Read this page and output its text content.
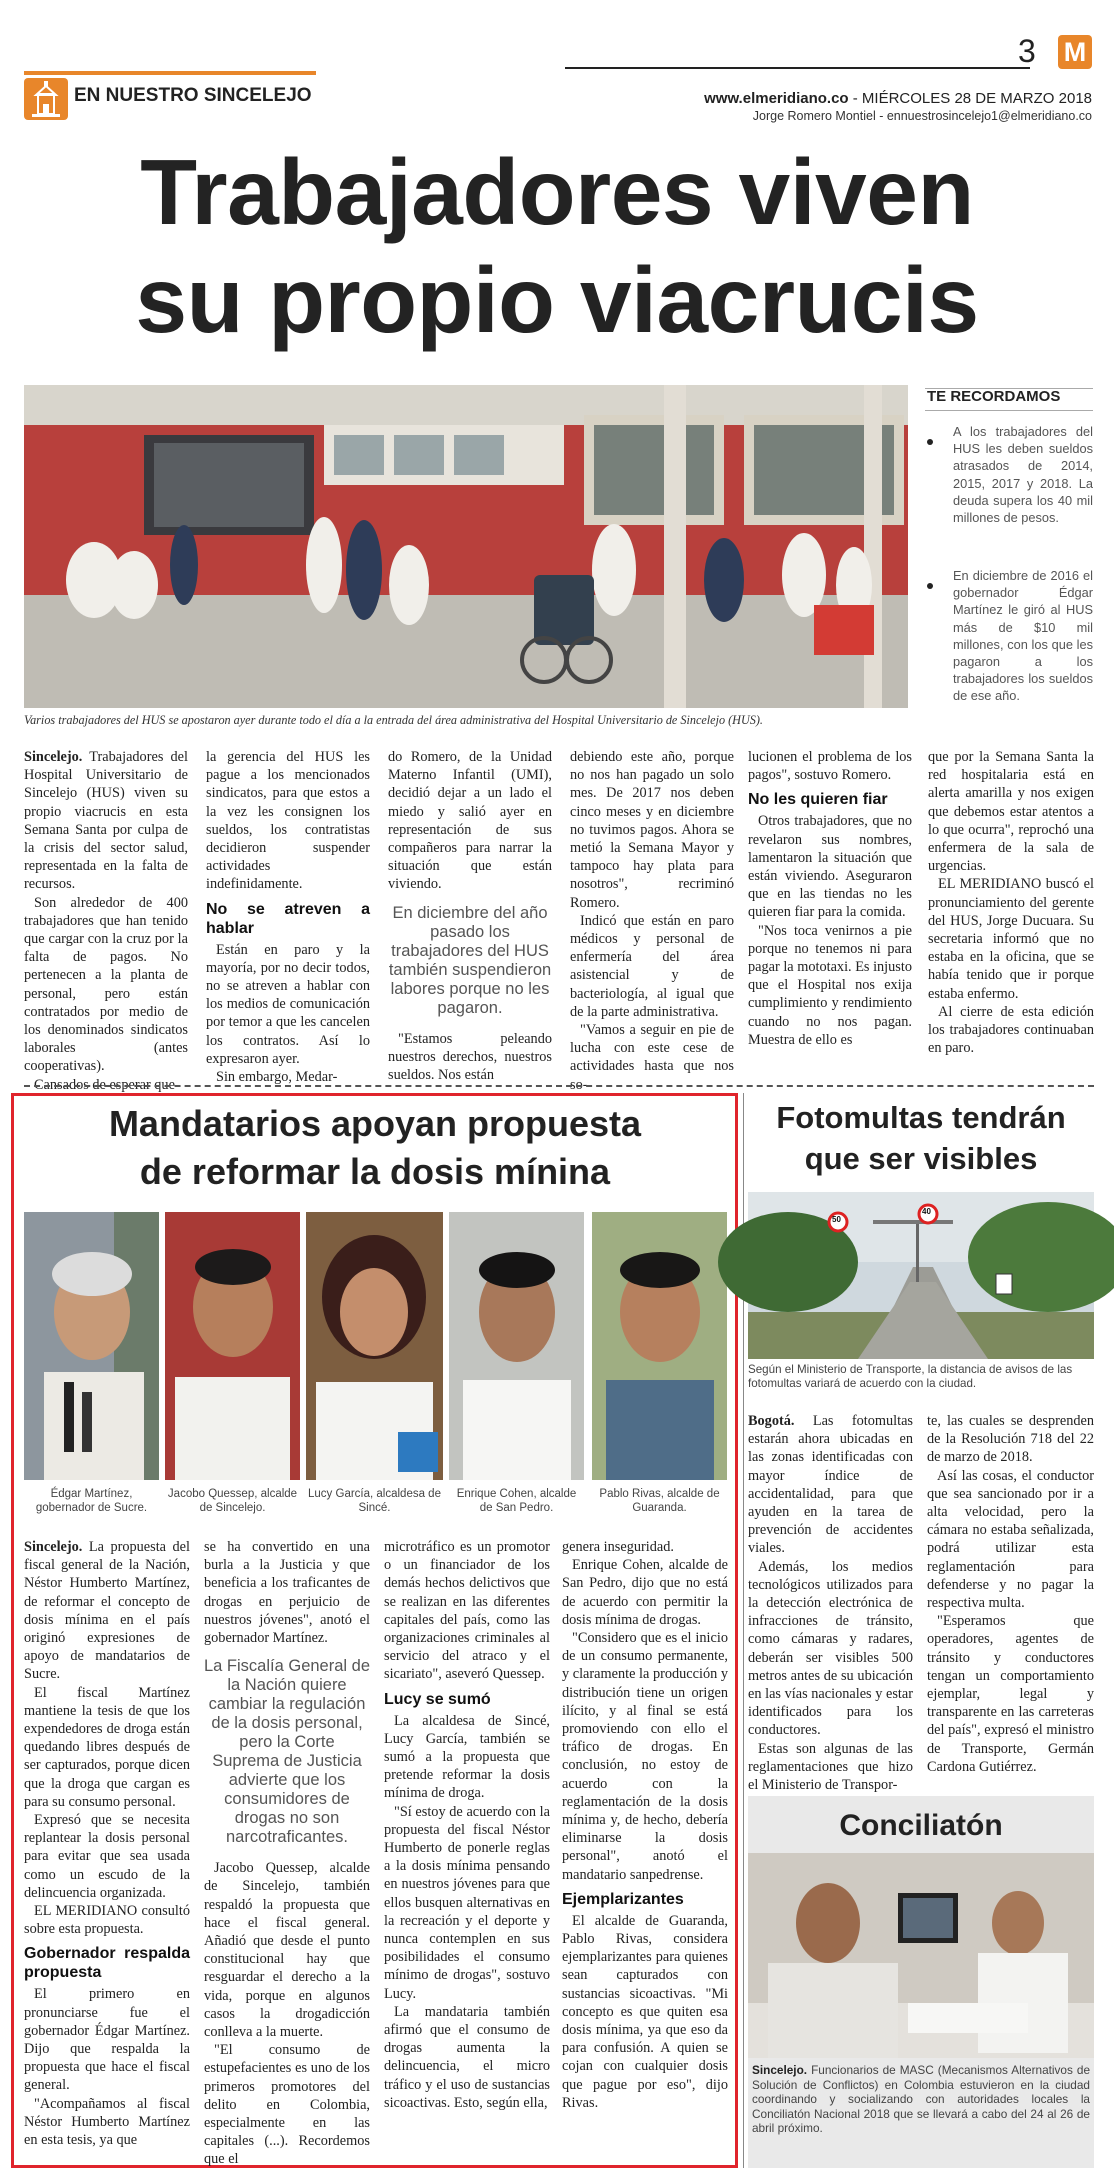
3 M
EN NUESTRO SINCELEJO	www.elmeridiano.co - MIÉRCOLES 28 DE MARZO 2018
Jorge Romero Montiel - ennuestrosincelejo1@elmeridiano.co
Trabajadores viven
su propio viacrucis
Varios trabajadores del HUS se apostaron ayer durante todo el día a la entrada del área administrativa del Hospital Universitario de Sincelejo (HUS).
TE RECORDAMOS
A los trabajadores del HUS les deben sueldos atrasados de 2014, 2015, 2017 y 2018. La deuda supera los 40 mil millones de pesos.
En diciembre de 2016 el gobernador Édgar Martínez le giró al HUS más de $10 mil millones, con los que les pagaron a los trabajadores los sueldos de ese año.

Sincelejo. Trabajadores del Hospital Universitario de Sincelejo (HUS) viven su propio viacrucis en esta Semana Santa por culpa de la crisis del sector salud, representada en la falta de recursos.

Son alrededor de 400 trabajadores que han tenido que cargar con la cruz por la falta de pagos. No pertenecen a la planta de personal, pero están contratados por medio de los denominados sindicatos laborales (antes cooperativas).

Cansados de esperar que

la gerencia del HUS les pague a los mencionados sindicatos, para que estos a la vez les consignen los sueldos, los contratistas decidieron suspender actividades indefinidamente.

No se atreven a hablar

Están en paro y la mayoría, por no decir todos, no se atreven a hablar con los medios de comunicación por temor a que les cancelen los contratos. Así lo expresaron ayer.

Sin embargo, Medar-

do Romero, de la Unidad Materno Infantil (UMI), decidió dejar a un lado el miedo y salió ayer en representación de sus compañeros para narrar la situación que están viviendo.

En diciembre del año pasado los trabajadores del HUS también suspendieron labores porque no les pagaron.

"Estamos peleando nuestros derechos, nuestros sueldos. Nos están

debiendo este año, porque no nos han pagado un solo mes. De 2017 nos deben cinco meses y en diciembre no tuvimos pagos. Ahora se metió la Semana Mayor y tampoco hay plata para nosotros", recriminó Romero.

Indicó que están en paro médicos y personal de enfermería del área asistencial y de bacteriología, al igual que de la parte administrativa.

"Vamos a seguir en pie de lucha con este cese de actividades hasta que nos so-

lucionen el problema de los pagos", sostuvo Romero.

No les quieren fiar

Otros trabajadores, que no revelaron sus nombres, lamentaron la situación que están viviendo. Aseguraron que en las tiendas no les quieren fiar para la comida.

"Nos toca venirnos a pie porque no tenemos ni para pagar la mototaxi. Es injusto que el Hospital nos exija cumplimiento y rendimiento cuando no nos pagan. Muestra de ello es

que por la Semana Santa la red hospitalaria está en alerta amarilla y nos exigen que debemos estar atentos a lo que ocurra", reprochó una enfermera de la sala de urgencias.

EL MERIDIANO buscó el pronunciamiento del gerente del HUS, Jorge Ducuara. Su secretaria informó que no estaba en la oficina, que se había tenido que ir porque estaba enfermo.

Al cierre de esta edición los trabajadores continuaban en paro.

Mandatarios apoyan propuesta
de reformar la dosis mínina
Édgar Martínez, gobernador de Sucre.
Jacobo Quessep, alcalde de Sincelejo.
Lucy García, alcaldesa de Sincé.
Enrique Cohen, alcalde de San Pedro.
Pablo Rivas, alcalde de Guaranda.

Sincelejo. La propuesta del fiscal general de la Nación, Néstor Humberto Martínez, de reformar el concepto de dosis mínima en el país originó expresiones de apoyo de mandatarios de Sucre.

El fiscal Martínez mantiene la tesis de que los expendedores de droga están quedando libres después de ser capturados, porque dicen que la droga que cargan es para su consumo personal.

Expresó que se necesita replantear la dosis personal para evitar que sea usada como un escudo de la delincuencia organizada.

EL MERIDIANO consultó sobre esta propuesta.

Gobernador respalda propuesta

El primero en pronunciarse fue el gobernador Édgar Martínez. Dijo que respalda la propuesta que hace el fiscal general.

"Acompañamos al fiscal Néstor Humberto Martínez en esta tesis, ya que

se ha convertido en una burla a la Justicia y que beneficia a los traficantes de drogas en perjuicio de nuestros jóvenes", anotó el gobernador Martínez.

La Fiscalía General de la Nación quiere cambiar la regulación de la dosis personal, pero la Corte Suprema de Justicia advierte que los consumidores de drogas no son narcotraficantes.

Jacobo Quessep, alcalde de Sincelejo, también respaldó la propuesta que hace el fiscal general. Añadió que desde el punto constitucional hay que resguardar el derecho a la vida, porque en algunos casos la drogadicción conlleva a la muerte.

"El consumo de estupefacientes es uno de los primeros promotores del delito en Colombia, especialmente en las capitales (...). Recordemos que el

microtráfico es un promotor o un financiador de los demás hechos delictivos que se realizan en las diferentes capitales del país, como las organizaciones criminales al servicio del atraco y el sicariato", aseveró Quessep.

Lucy se sumó

La alcaldesa de Sincé, Lucy García, también se sumó a la propuesta que pretende reformar la dosis mínima de droga.

"Sí estoy de acuerdo con la propuesta del fiscal Néstor Humberto de ponerle reglas a la dosis mínima pensando en nuestros jóvenes para que ellos busquen alternativas en la recreación y el deporte y nunca contemplen en sus posibilidades el consumo mínimo de drogas", sostuvo Lucy.

La mandataria también afirmó que el consumo de drogas aumenta la delincuencia, el micro tráfico y el uso de sustancias sicoactivas. Esto, según ella,

genera inseguridad.

Enrique Cohen, alcalde de San Pedro, dijo que no está de acuerdo con permitir la dosis mínima de drogas.

"Considero que es el inicio de un consumo permanente, y claramente la producción y distribución tiene un origen ilícito, y al final se está promoviendo con ello el tráfico de drogas. En conclusión, no estoy de acuerdo con la reglamentación de la dosis mínima y, de hecho, debería eliminarse la dosis personal", anotó el mandatario sanpedrense.

Ejemplarizantes

El alcalde de Guaranda, Pablo Rivas, considera ejemplarizantes para quienes sean capturados con sustancias sicoactivas. "Mi concepto es que quiten esa dosis mínima, ya que eso da para confusión. A quien se cojan con cualquier dosis que pague por eso", dijo Rivas.

Fotomultas tendrán
que ser visibles
50
40
Según el Ministerio de Transporte, la distancia de avisos de las fotomultas variará de acuerdo con la ciudad.

Bogotá. Las fotomultas estarán ahora ubicadas en las zonas identificadas con mayor índice de accidentalidad, para que ayuden en la tarea de prevención de accidentes viales.

Además, los medios tecnológicos utilizados para la detección electrónica de infracciones de tránsito, como cámaras y radares, deberán ser visibles 500 metros antes de su ubicación en las vías nacionales y estar identificados para los conductores.

Estas son algunas de las reglamentaciones que hizo el Ministerio de Transpor-

te, las cuales se desprenden de la Resolución 718 del 22 de marzo de 2018.

Así las cosas, el conductor que sea sancionado por ir a alta velocidad, pero la cámara no estaba señalizada, podrá utilizar esta reglamentación para defenderse y no pagar la respectiva multa.

"Esperamos que operadores, agentes de tránsito y conductores tengan un comportamiento ejemplar, legal y transparente en las carreteras del país", expresó el ministro de Transporte, Germán Cardona Gutiérrez.

Conciliatón
Sincelejo. Funcionarios de MASC (Mecanismos Alternativos de Solución de Conflictos) en Colombia estuvieron en la ciudad coordinando y socializando con autoridades locales la Conciliatón Nacional 2018 que se llevará a cabo del 24 al 26 de abril próximo.
